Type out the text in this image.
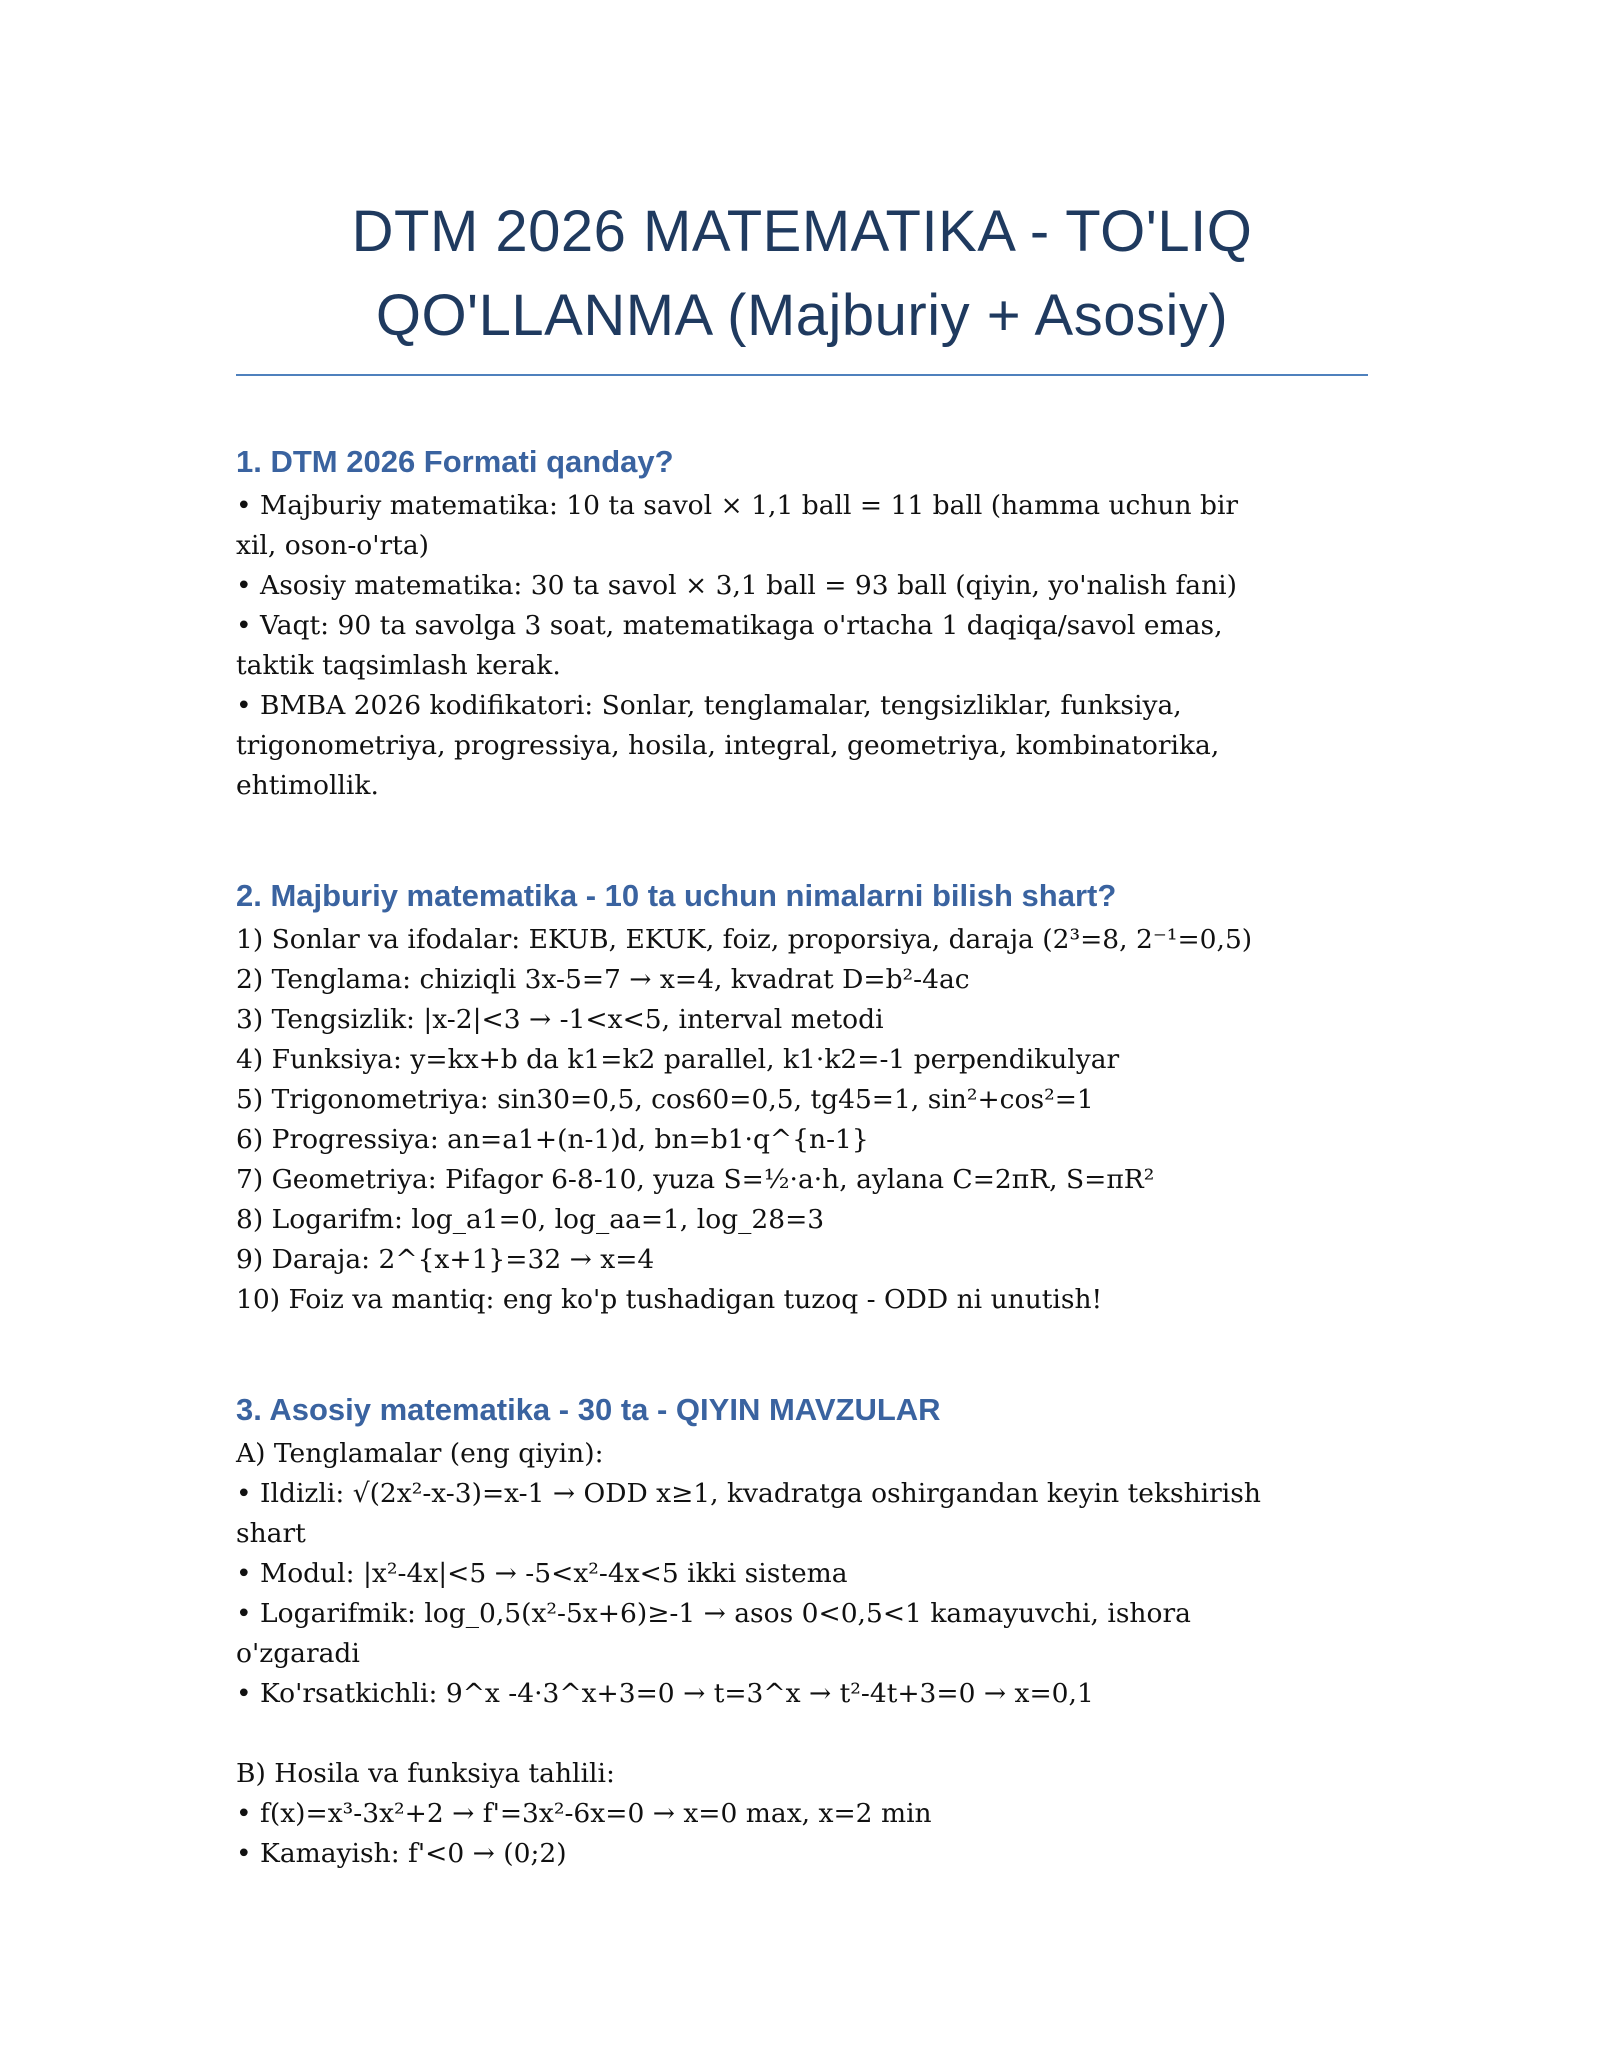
DTM 2026 MATEMATIKA - TO'LIQ
QO'LLANMA (Majburiy + Asosiy)
1. DTM 2026 Formati qanday?
• Majburiy matematika: 10 ta savol × 1,1 ball = 11 ball (hamma uchun bir
xil, oson-o'rta)
• Asosiy matematika: 30 ta savol × 3,1 ball = 93 ball (qiyin, yo'nalish fani)
• Vaqt: 90 ta savolga 3 soat, matematikaga o'rtacha 1 daqiqa/savol emas,
taktik taqsimlash kerak.
• BMBA 2026 kodifikatori: Sonlar, tenglamalar, tengsizliklar, funksiya,
trigonometriya, progressiya, hosila, integral, geometriya, kombinatorika,
ehtimollik.
2. Majburiy matematika - 10 ta uchun nimalarni bilish shart?
1) Sonlar va ifodalar: EKUB, EKUK, foiz, proporsiya, daraja (2³=8, 2⁻¹=0,5)
2) Tenglama: chiziqli 3x-5=7 → x=4, kvadrat D=b²-4ac
3) Tengsizlik: |x-2|<3 → -1<x<5, interval metodi
4) Funksiya: y=kx+b da k1=k2 parallel, k1·k2=-1 perpendikulyar
5) Trigonometriya: sin30=0,5, cos60=0,5, tg45=1, sin²+cos²=1
6) Progressiya: an=a1+(n-1)d, bn=b1·q^{n-1}
7) Geometriya: Pifagor 6-8-10, yuza S=½·a·h, aylana C=2πR, S=πR²
8) Logarifm: log_a1=0, log_aa=1, log_28=3
9) Daraja: 2^{x+1}=32 → x=4
10) Foiz va mantiq: eng ko'p tushadigan tuzoq - ODD ni unutish!
3. Asosiy matematika - 30 ta - QIYIN MAVZULAR
A) Tenglamalar (eng qiyin):
• Ildizli: √(2x²-x-3)=x-1 → ODD x≥1, kvadratga oshirgandan keyin tekshirish
shart
• Modul: |x²-4x|<5 → -5<x²-4x<5 ikki sistema
• Logarifmik: log_0,5(x²-5x+6)≥-1 → asos 0<0,5<1 kamayuvchi, ishora
o'zgaradi
• Ko'rsatkichli: 9^x -4·3^x+3=0 → t=3^x → t²-4t+3=0 → x=0,1
B) Hosila va funksiya tahlili:
• f(x)=x³-3x²+2 → f'=3x²-6x=0 → x=0 max, x=2 min
• Kamayish: f'<0 → (0;2)
